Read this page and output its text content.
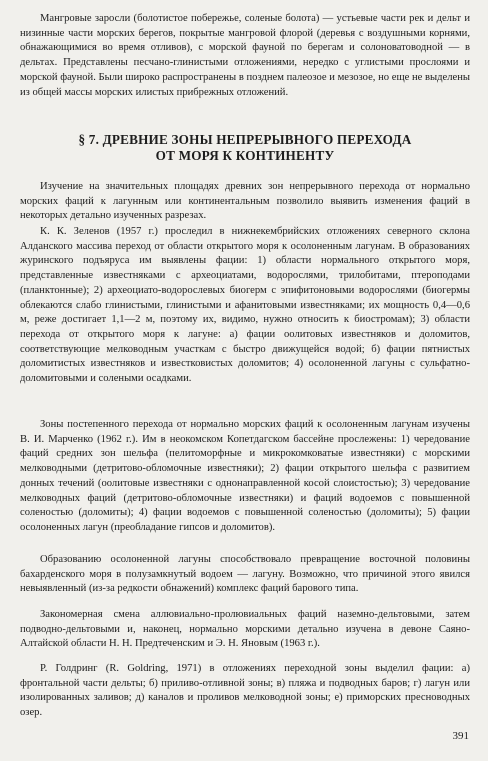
Мангровые заросли (болотистое побережье, соленые болота) — устьевые части рек и дельт и низинные части морских берегов, покрытые мангровой флорой (деревья с воздушными корнями, обнажающимися во время отливов), с морской фауной по берегам и солоноватоводной — в дельтах. Представлены песчано-глинистыми отложениями, нередко с углистыми прослоями и морской фауной. Были широко распространены в позднем палеозое и мезозое, но еще не выделены из общей массы морских илистых прибрежных отложений.

§ 7. ДРЕВНИЕ ЗОНЫ НЕПРЕРЫВНОГО ПЕРЕХОДА
ОТ МОРЯ К КОНТИНЕНТУ

Изучение на значительных площадях древних зон непрерывного перехода от нормально морских фаций к лагунным или континентальным позволило выявить изменения фаций в некоторых детально изученных разрезах.

К. К. Зеленов (1957 г.) проследил в нижнекембрийских отложениях северного склона Алданского массива переход от области открытого моря к осолоненным лагунам. В образованиях журинского подъяруса им выявлены фации: 1) области нормального открытого моря, представленные известняками с археоциатами, водорослями, трилобитами, птероподами (планктонные); 2) археоциато-водорослевых биогерм с эпифитоновыми водорослями (биогермы облекаются слабо глинистыми, глинистыми и афанитовыми известняками; их мощность 0,4—0,6 м, реже достигает 1,1—2 м, поэтому их, видимо, нужно относить к биостромам); 3) области перехода от открытого моря к лагуне: а) фации оолитовых известняков и доломитов, соответствующие мелководным участкам с быстро движущейся водой; б) фации пятнистых доломитистых известняков и известковистых доломитов; 4) осолоненной лагуны с сульфатно-доломитовыми и солеными осадками.

Зоны постепенного перехода от нормально морских фаций к осолоненным лагунам изучены В. И. Марченко (1962 г.). Им в неокомском Копетдагском бассейне прослежены: 1) чередование фаций средних зон шельфа (пелитоморфные и микрокомковатые известняки) с морскими мелководными (детритово-обломочные известняки); 2) фации открытого шельфа с развитием донных течений (оолитовые известняки с однонаправленной косой слоистостью); 3) чередование мелководных фаций (детритово-обломочные известняки) и фаций водоемов с повышенной соленостью (доломиты); 4) фации водоемов с повышенной соленостью (доломиты); 5) фации осолоненных лагун (преобладание гипсов и доломитов).

Образованию осолоненной лагуны способствовало превращение восточной половины бахарденского моря в полузамкнутый водоем — лагуну. Возможно, что причиной этого явился невыявленный (из-за редкости обнажений) комплекс фаций барового типа.

Закономерная смена аллювиально-пролювиальных фаций наземно-дельтовыми, затем подводно-дельтовыми и, наконец, нормально морскими детально изучена в девоне Саяно-Алтайской области Н. Н. Предтеченским и Э. Н. Яновым (1963 г.).

Р. Голдринг (R. Goldring, 1971) в отложениях переходной зоны выделил фации: а) фронтальной части дельты; б) приливо-отливной зоны; в) пляжа и подводных баров; г) лагун или изолированных заливов; д) каналов и проливов мелководной зоны; е) приморских пресноводных озер.

391
